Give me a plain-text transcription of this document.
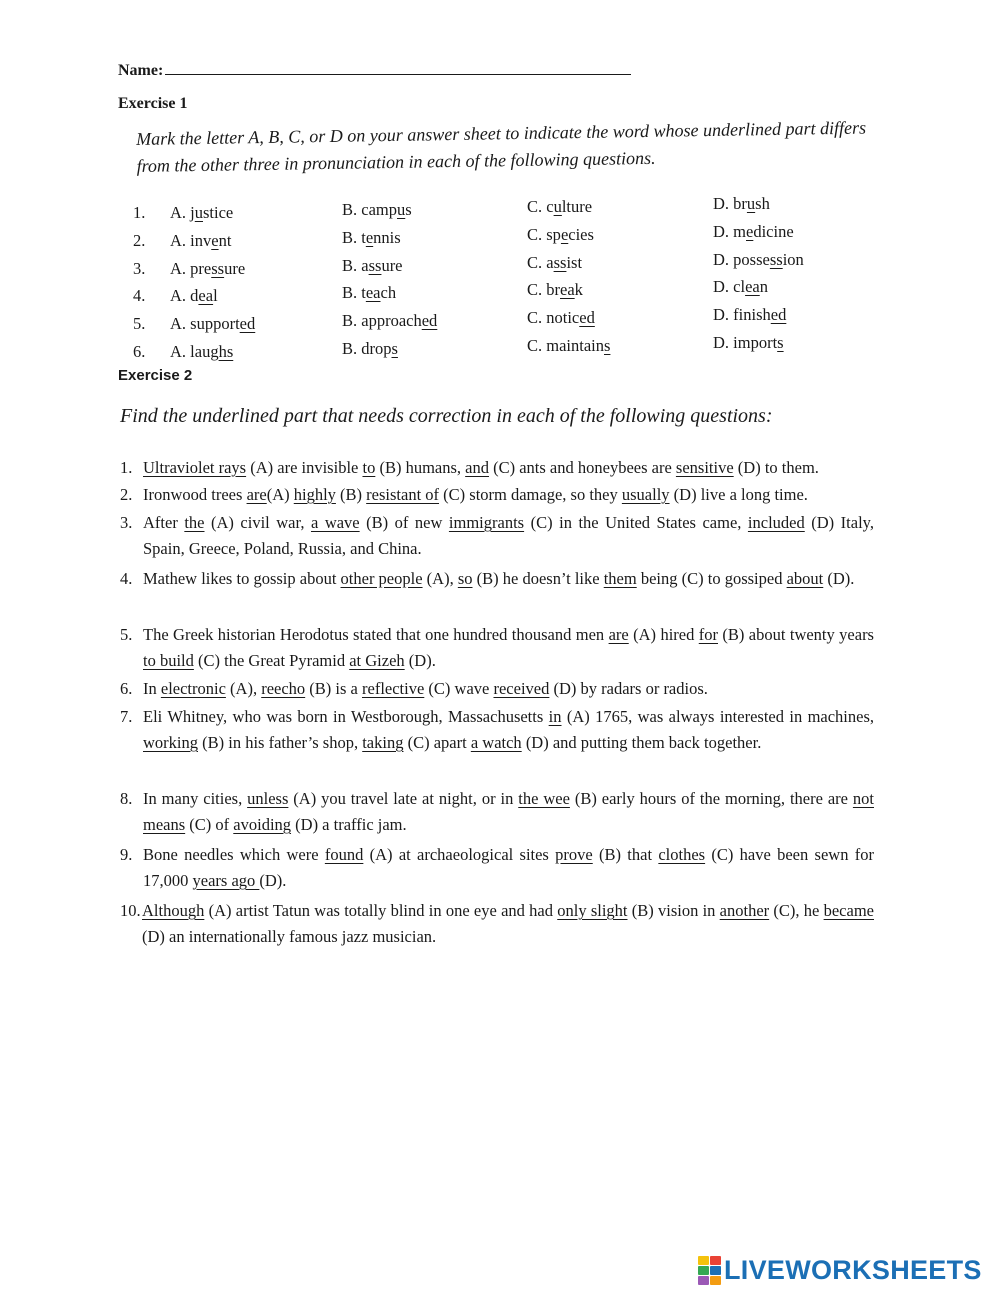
Name:
Exercise 1
Mark the letter A, B, C, or D on your answer sheet to indicate the word whose underlined part differs from the other three in pronunciation in each of the following questions.
1. A. justice	B. campus	C. culture	D. brush
2. A. invent	B. tennis	C. species	D. medicine
3. A. pressure	B. assure	C. assist	D. possession
4. A. deal	B. teach	C. break	D. clean
5. A. supported	B. approached	C. noticed	D. finished
6. A. laughs	B. drops	C. maintains	D. imports
Exercise 2
Find the underlined part that needs correction in each of the following questions:
1. Ultraviolet rays (A) are invisible to (B) humans, and (C) ants and honeybees are sensitive (D) to them.
2. Ironwood trees are(A) highly (B) resistant of (C) storm damage, so they usually (D) live a long time.
3. After the (A) civil war, a wave (B) of new immigrants (C) in the United States came, included (D) Italy, Spain, Greece, Poland, Russia, and China.
4. Mathew likes to gossip about other people (A), so (B) he doesn’t like them being (C) to gossiped about (D).
5. The Greek historian Herodotus stated that one hundred thousand men are (A) hired for (B) about twenty years to build (C) the Great Pyramid at Gizeh (D).
6. In electronic (A), reecho (B) is a reflective (C) wave received (D) by radars or radios.
7. Eli Whitney, who was born in Westborough, Massachusetts in (A) 1765, was always interested in machines, working (B) in his father’s shop, taking (C) apart a watch (D) and putting them back together.
8. In many cities, unless (A) you travel late at night, or in the wee (B) early hours of the morning, there are not means (C) of avoiding (D) a traffic jam.
9. Bone needles which were found (A) at archaeological sites prove (B) that clothes (C) have been sewn for 17,000 years ago (D).
10. Although (A) artist Tatun was totally blind in one eye and had only slight (B) vision in another (C), he became (D) an internationally famous jazz musician.
LIVEWORKSHEETS
